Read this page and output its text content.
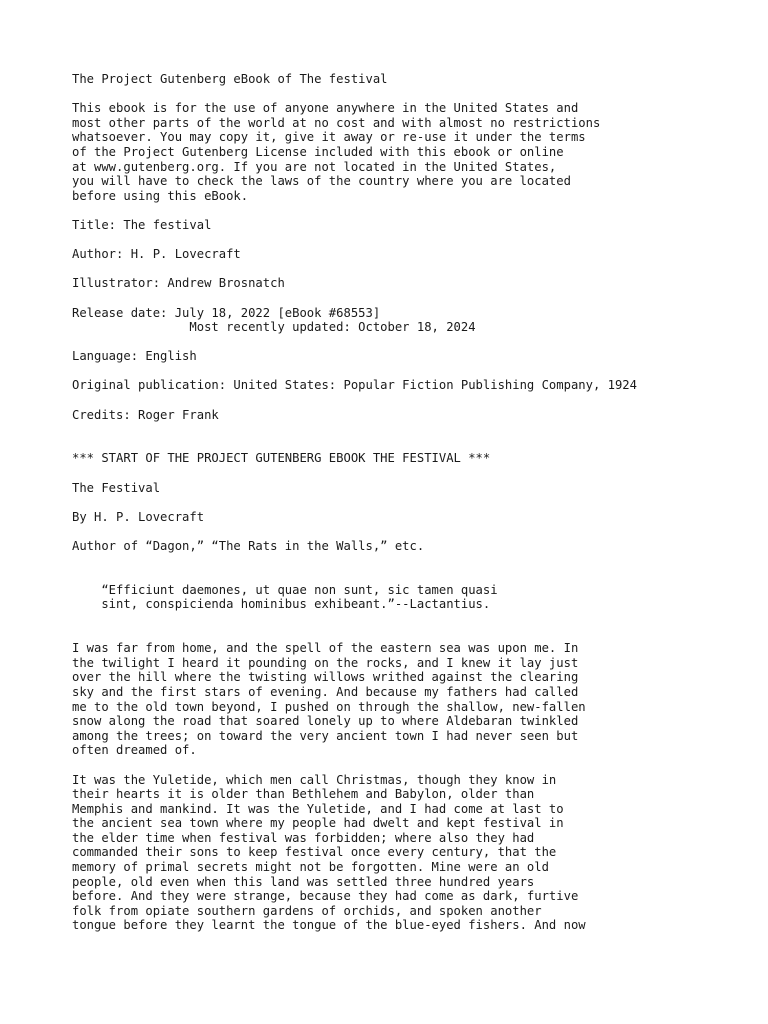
The Project Gutenberg eBook of The festival
This ebook is for the use of anyone anywhere in the United States and
most other parts of the world at no cost and with almost no restrictions
whatsoever. You may copy it, give it away or re-use it under the terms
of the Project Gutenberg License included with this ebook or online
at www.gutenberg.org. If you are not located in the United States,
you will have to check the laws of the country where you are located
before using this eBook.
Title: The festival
Author: H. P. Lovecraft
Illustrator: Andrew Brosnatch
Release date: July 18, 2022 [eBook #68553]
Most recently updated: October 18, 2024
Language: English
Original publication: United States: Popular Fiction Publishing Company, 1924
Credits: Roger Frank
*** START OF THE PROJECT GUTENBERG EBOOK THE FESTIVAL ***
The Festival
By H. P. Lovecraft
Author of “Dagon,” “The Rats in the Walls,” etc.
“Efficiunt daemones, ut quae non sunt, sic tamen quasi
sint, conspicienda hominibus exhibeant.”--Lactantius.
I was far from home, and the spell of the eastern sea was upon me. In
the twilight I heard it pounding on the rocks, and I knew it lay just
over the hill where the twisting willows writhed against the clearing
sky and the first stars of evening. And because my fathers had called
me to the old town beyond, I pushed on through the shallow, new-fallen
snow along the road that soared lonely up to where Aldebaran twinkled
among the trees; on toward the very ancient town I had never seen but
often dreamed of.
It was the Yuletide, which men call Christmas, though they know in
their hearts it is older than Bethlehem and Babylon, older than
Memphis and mankind. It was the Yuletide, and I had come at last to
the ancient sea town where my people had dwelt and kept festival in
the elder time when festival was forbidden; where also they had
commanded their sons to keep festival once every century, that the
memory of primal secrets might not be forgotten. Mine were an old
people, old even when this land was settled three hundred years
before. And they were strange, because they had come as dark, furtive
folk from opiate southern gardens of orchids, and spoken another
tongue before they learnt the tongue of the blue-eyed fishers. And now
